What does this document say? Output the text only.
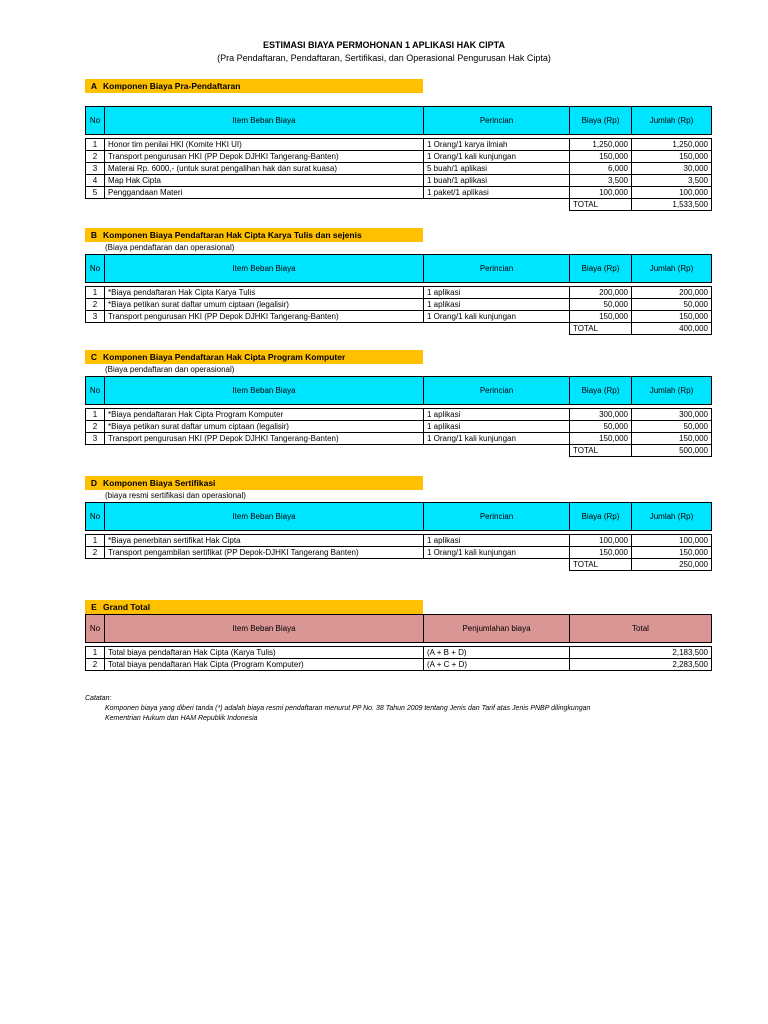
ESTIMASI BIAYA PERMOHONAN 1 APLIKASI HAK CIPTA
(Pra Pendaftaran, Pendaftaran, Sertifikasi, dan Operasional Pengurusan Hak Cipta)
A Komponen Biaya Pra-Pendaftaran
No	Item Beban Biaya	Perincian	Biaya (Rp)	Jumlah (Rp)

1	Honor tim penilai HKI (Komite HKI UI)	1 Orang/1 karya ilmiah	1,250,000	1,250,000
2	Transport pengurusan HKI (PP Depok DJHKI Tangerang-Banten)	1 Orang/1 kali kunjungan	150,000	150,000
3	Materai Rp. 6000,- (untuk surat pengalihan hak dan surat kuasa)	5 buah/1 aplikasi	6,000	30,000
4	Map Hak Cipta	1 buah/1 aplikasi	3,500	3,500
5	Penggandaan Materi	1 paket/1 aplikasi	100,000	100,000
			TOTAL	1,533,500
B Komponen Biaya Pendaftaran Hak Cipta Karya Tulis dan sejenis
(Biaya pendaftaran dan operasional)
No	Item Beban Biaya	Perincian	Biaya (Rp)	Jumlah (Rp)

1	*Biaya pendaftaran Hak Cipta Karya Tulis	1 aplikasi	200,000	200,000
2	*Biaya petikan surat daftar umum ciptaan (legalisir)	1 aplikasi	50,000	50,000
3	Transport pengurusan HKI (PP Depok DJHKI Tangerang-Banten)	1 Orang/1 kali kunjungan	150,000	150,000
			TOTAL	400,000
C Komponen Biaya Pendaftaran Hak Cipta Program Komputer
(Biaya pendaftaran dan operasional)
No	Item Beban Biaya	Perincian	Biaya (Rp)	Jumlah (Rp)

1	*Biaya pendaftaran Hak Cipta Program Komputer	1 aplikasi	300,000	300,000
2	*Biaya petikan surat daftar umum ciptaan (legalisir)	1 aplikasi	50,000	50,000
3	Transport pengurusan HKI (PP Depok DJHKI Tangerang-Banten)	1 Orang/1 kali kunjungan	150,000	150,000
			TOTAL	500,000
D Komponen Biaya Sertifikasi
(biaya resmi sertifikasi dan operasional)
No	Item Beban Biaya	Perincian	Biaya (Rp)	Jumlah (Rp)

1	*Biaya penerbitan sertifikat Hak Cipta	1 aplikasi	100,000	100,000
2	Transport pengambilan sertifikat (PP Depok-DJHKI Tangerang Banten)	1 Orang/1 kali kunjungan	150,000	150,000
			TOTAL	250,000
E Grand Total
No	Item Beban Biaya	Penjumlahan biaya	Total

1	Total biaya pendaftaran Hak Cipta (Karya Tulis)	(A + B + D)	2,183,500
2	Total biaya pendaftaran Hak Cipta (Program Komputer)	(A + C + D)	2,283,500
Catatan:
Komponen biaya yang diberi tanda (*) adalah biaya resmi pendaftaran menurut PP No. 38 Tahun 2009 tentang Jenis dan Tarif atas Jenis PNBP dilingkungan Kementrian Hukum dan HAM Republik Indonesia
